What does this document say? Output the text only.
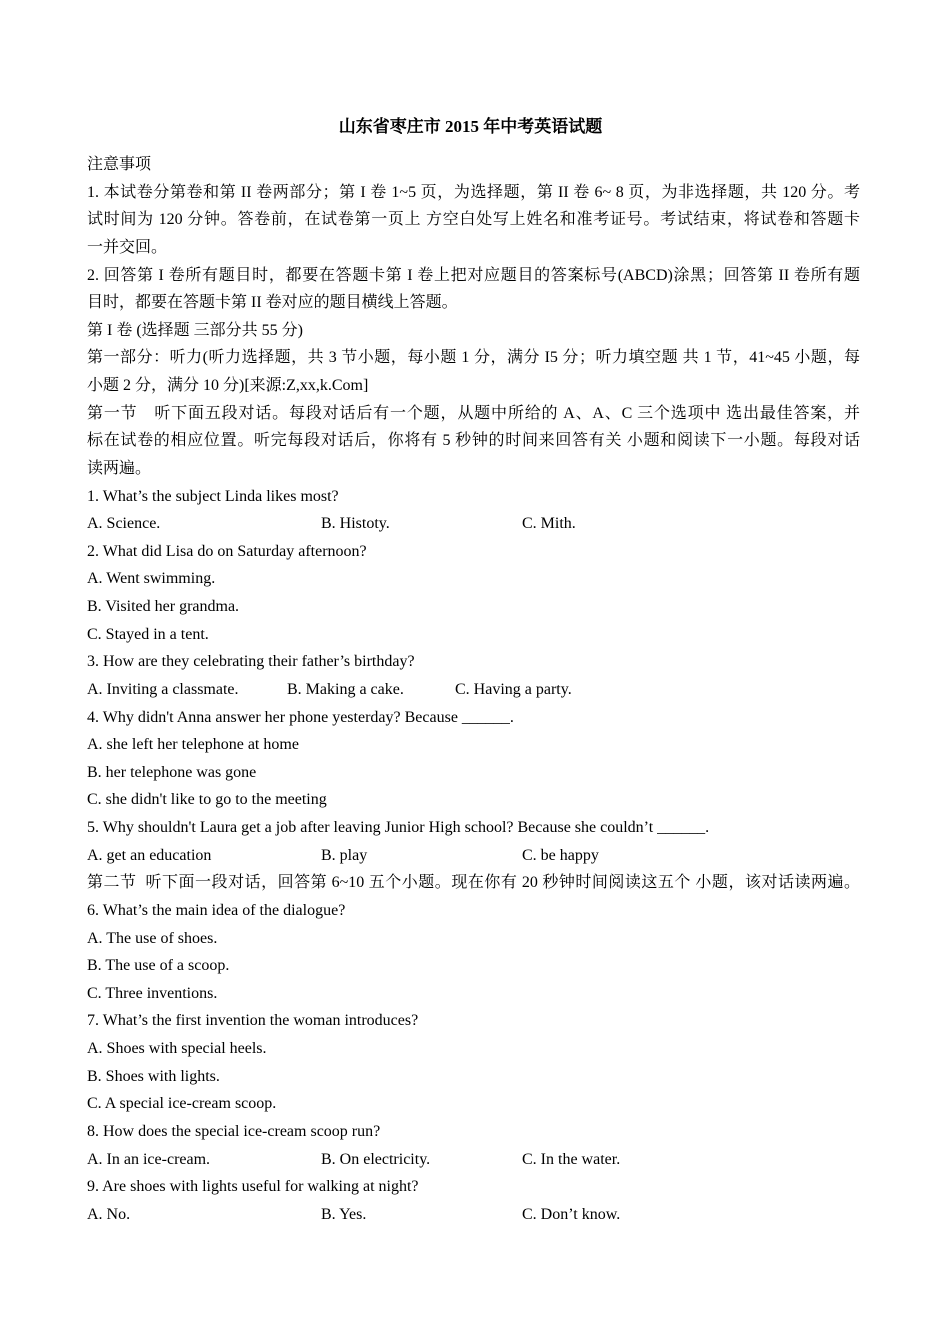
山东省枣庄市 2015 年中考英语试题
注意事项
1. 本试卷分第卷和第 II 卷两部分；第 I 卷 1~5 页，为选择题，第 II 卷 6~ 8 页，为非选择题，共 120 分。考
试时间为 120 分钟。答卷前，在试卷第一页上 方空白处写上姓名和准考证号。考试结束，将试卷和答题卡
一并交回。
2. 回答第 I 卷所有题目时，都要在答题卡第 I 卷上把对应题目的答案标号(ABCD)涂黑；回答第 II 卷所有题
目时，都要在答题卡第 II 卷对应的题目横线上答题。
第 I 卷 (选择题 三部分共 55 分)
第一部分：听力(听力选择题，共 3 节小题，每小题 1 分，满分 I5 分；听力填空题 共 1 节，41~45 小题，每
小题 2 分，满分 10 分)[来源:Z,xx,k.Com]
第一节　听下面五段对话。每段对话后有一个题，从题中所给的 A、A、C 三个选项中 选出最佳答案，并
标在试卷的相应位置。听完每段对话后，你将有 5 秒钟的时间来回答有关 小题和阅读下一小题。每段对话
读两遍。
1. What’s the subject Linda likes most?
A. Science.	B. Histoty.	C. Mith.
2. What did Lisa do on Saturday afternoon?
A. Went swimming.
B. Visited her grandma.
C. Stayed in a tent.
3. How are they celebrating their father’s birthday?
A. Inviting a classmate.	B. Making a cake.	C. Having a party.
4. Why didn't Anna answer her phone yesterday? Because ______.
A. she left her telephone at home
B. her telephone was gone
C. she didn't like to go to the meeting
5. Why shouldn't Laura get a job after leaving Junior High school? Because she couldn’t ______.
A. get an education	B. play	C. be happy
第二节  听下面一段对话，回答第 6~10 五个小题。现在你有 20 秒钟时间阅读这五个 小题，该对话读两遍。
6. What’s the main idea of the dialogue?
A. The use of shoes.
B. The use of a scoop.
C. Three inventions.
7. What’s the first invention the woman introduces?
A. Shoes with special heels.
B. Shoes with lights.
C. A special ice-cream scoop.
8. How does the special ice-cream scoop run?
A. In an ice-cream.	B. On electricity.	C. In the water.
9. Are shoes with lights useful for walking at night?
A. No.	B. Yes.	C. Don’t know.
